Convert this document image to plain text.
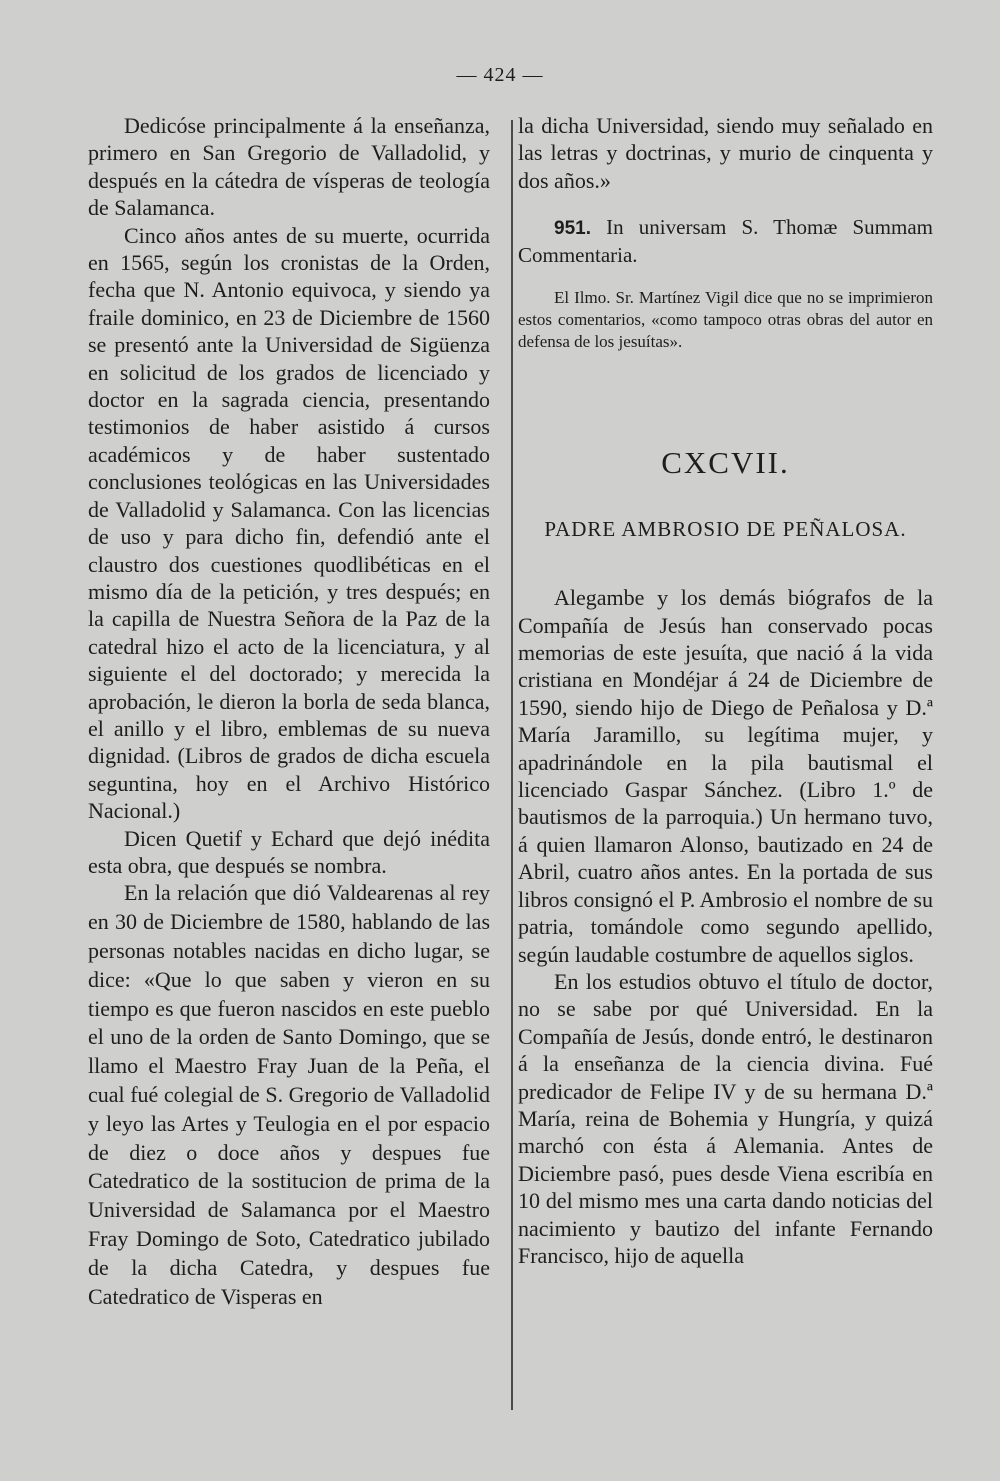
— 424 —

Dedicóse principalmente á la enseñanza, primero en San Gregorio de Valladolid, y después en la cátedra de vísperas de teología de Salamanca.

Cinco años antes de su muerte, ocurrida en 1565, según los cronistas de la Orden, fecha que N. Antonio equivoca, y siendo ya fraile dominico, en 23 de Diciembre de 1560 se presentó ante la Universidad de Sigüenza en solicitud de los grados de licenciado y doctor en la sagrada ciencia, presentando testimonios de haber asistido á cursos académicos y de haber sustentado conclusiones teológicas en las Universidades de Valladolid y Salamanca. Con las licencias de uso y para dicho fin, defendió ante el claustro dos cuestiones quodlibéticas en el mismo día de la petición, y tres después; en la capilla de Nuestra Señora de la Paz de la catedral hizo el acto de la licenciatura, y al siguiente el del doctorado; y merecida la aprobación, le dieron la borla de seda blanca, el anillo y el libro, emblemas de su nueva dignidad. (Libros de grados de dicha escuela seguntina, hoy en el Archivo Histórico Nacional.)

Dicen Quetif y Echard que dejó inédita esta obra, que después se nombra.

En la relación que dió Valdearenas al rey en 30 de Diciembre de 1580, hablando de las personas notables nacidas en dicho lugar, se dice: «Que lo que saben y vieron en su tiempo es que fueron nascidos en este pueblo el uno de la orden de Santo Domingo, que se llamo el Maestro Fray Juan de la Peña, el cual fué colegial de S. Gregorio de Valladolid y leyo las Artes y Teulogia en el por espacio de diez o doce años y despues fue Catedratico de la sostitucion de prima de la Universidad de Salamanca por el Maestro Fray Domingo de Soto, Catedratico jubilado de la dicha Catedra, y despues fue Catedratico de Visperas en

la dicha Universidad, siendo muy señalado en las letras y doctrinas, y murio de cinquenta y dos años.»

951. In universam S. Thomæ Summam Commentaria.

El Ilmo. Sr. Martínez Vigil dice que no se imprimieron estos comentarios, «como tampoco otras obras del autor en defensa de los jesuítas».

CXCVII.
PADRE AMBROSIO DE PEÑALOSA.

Alegambe y los demás biógrafos de la Compañía de Jesús han conservado pocas memorias de este jesuíta, que nació á la vida cristiana en Mondéjar á 24 de Diciembre de 1590, siendo hijo de Diego de Peñalosa y D.ª María Jaramillo, su legítima mujer, y apadrinándole en la pila bautismal el licenciado Gaspar Sánchez. (Libro 1.º de bautismos de la parroquia.) Un hermano tuvo, á quien llamaron Alonso, bautizado en 24 de Abril, cuatro años antes. En la portada de sus libros consignó el P. Ambrosio el nombre de su patria, tomándole como segundo apellido, según laudable costumbre de aquellos siglos.

En los estudios obtuvo el título de doctor, no se sabe por qué Universidad. En la Compañía de Jesús, donde entró, le destinaron á la enseñanza de la ciencia divina. Fué predicador de Felipe IV y de su hermana D.ª María, reina de Bohemia y Hungría, y quizá marchó con ésta á Alemania. Antes de Diciembre pasó, pues desde Viena escribía en 10 del mismo mes una carta dando noticias del nacimiento y bautizo del infante Fernando Francisco, hijo de aquella
